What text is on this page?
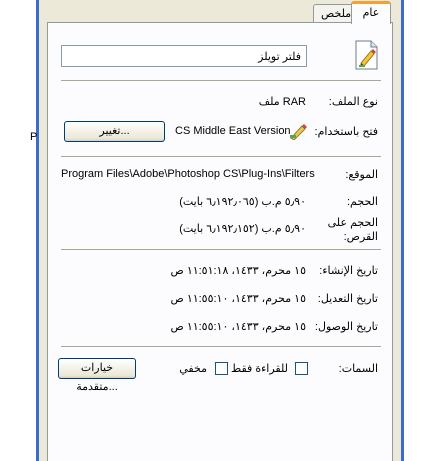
P
ملخص	عام
فلتر تويلز
نوع الملف:
RAR ملف
فتح باستخدام:
CS Middle East Version
تغيير...
الموقع:
Program Files\Adobe\Photoshop CS\Plug-Ins\Filters
الحجم:
٥٫٩٠ م.ب (٦٫١٩٢٫٠٦٥ بايت)
الحجم على
القرص:
٥٫٩٠ م.ب (٦٫١٩٢٫١٥٢ بايت)
تاريخ الإنشاء:
١٥ محرم، ١٤٣٣، ١١:٥١:١٨ ص
تاريخ التعديل:
١٥ محرم، ١٤٣٣، ١١:٥٥:١٠ ص
تاريخ الوصول:
١٥ محرم، ١٤٣٣، ١١:٥٥:١٠ ص
السمات:
للقراءة فقط
مخفي
خيارات متقدمة...
